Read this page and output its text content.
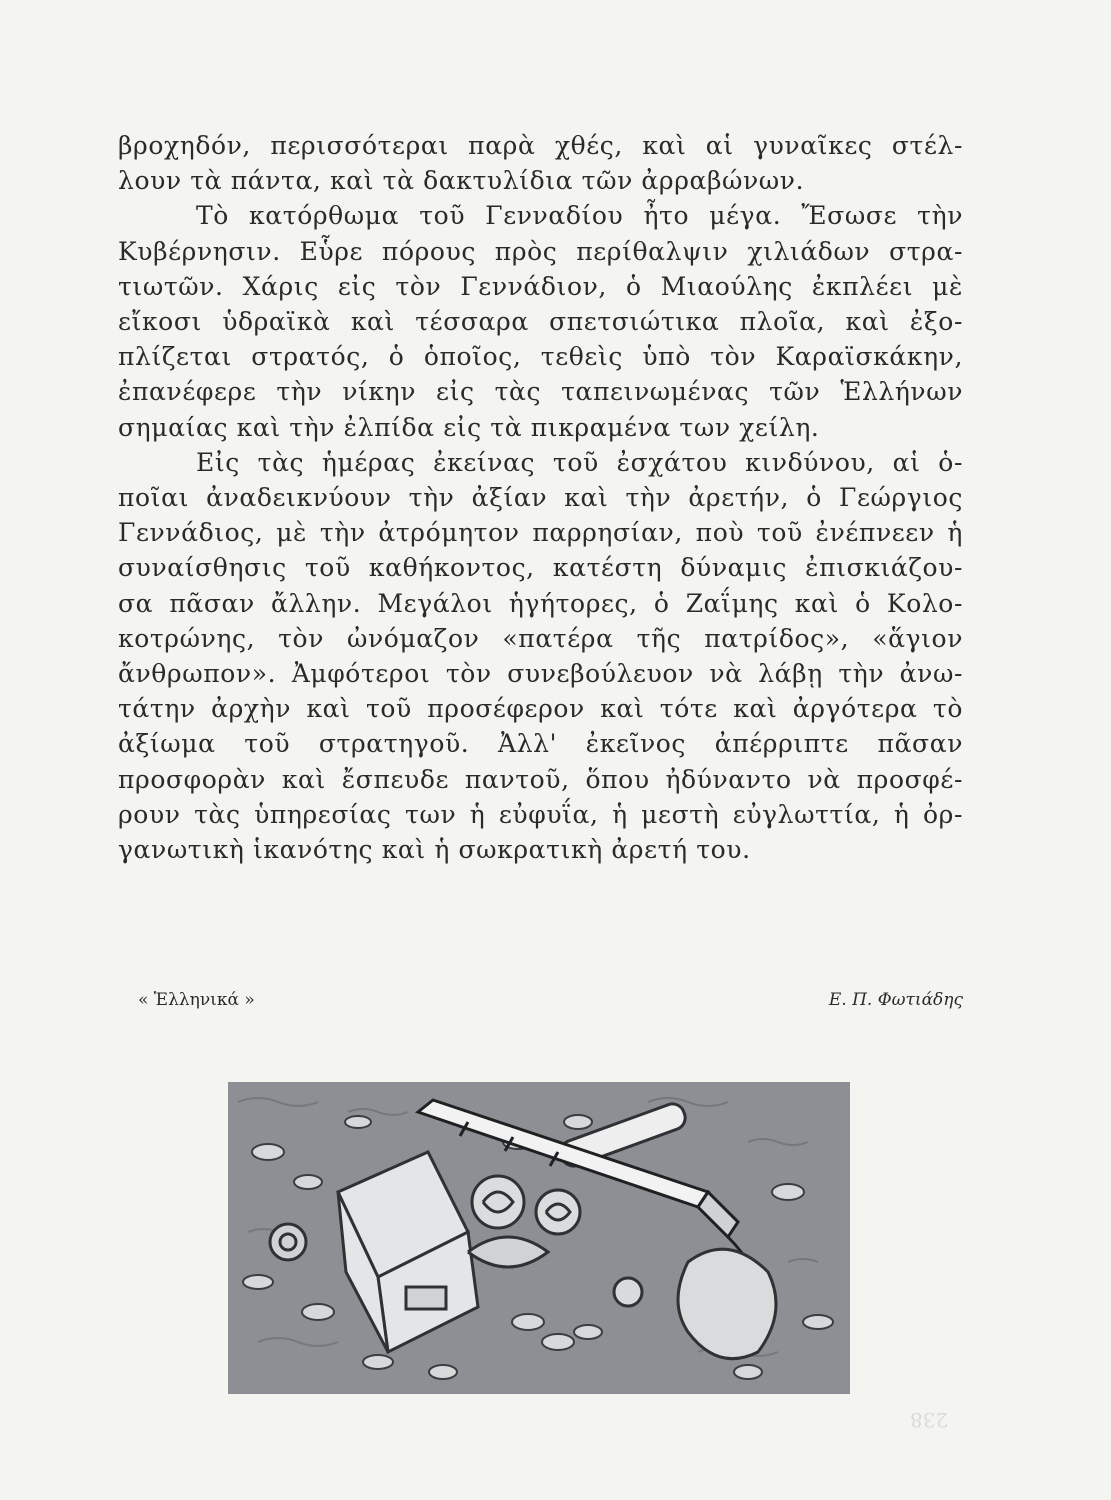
βροχηδόν, περισσότεραι παρὰ χθές, καὶ αἱ γυναῖκες στέλ-
λουν τὰ πάντα, καὶ τὰ δακτυλίδια τῶν ἀρραβώνων.
Τὸ κατόρθωμα τοῦ Γενναδίου ἦτο μέγα. Ἔσωσε τὴν
Κυβέρνησιν. Εὗρε πόρους πρὸς περίθαλψιν χιλιάδων στρα-
τιωτῶν. Χάρις εἰς τὸν Γεννάδιον, ὁ Μιαούλης ἐκπλέει μὲ
εἴκοσι ὑδραϊκὰ καὶ τέσσαρα σπετσιώτικα πλοῖα, καὶ ἐξο-
πλίζεται στρατός, ὁ ὁποῖος, τεθεὶς ὑπὸ τὸν Καραϊσκάκην,
ἐπανέφερε τὴν νίκην εἰς τὰς ταπεινωμένας τῶν Ἑλλήνων
σημαίας καὶ τὴν ἐλπίδα εἰς τὰ πικραμένα των χείλη.
Εἰς τὰς ἡμέρας ἐκείνας τοῦ ἐσχάτου κινδύνου, αἱ ὁ-
ποῖαι ἀναδεικνύουν τὴν ἀξίαν καὶ τὴν ἀρετήν, ὁ Γεώργιος
Γεννάδιος, μὲ τὴν ἀτρόμητον παρρησίαν, ποὺ τοῦ ἐνέπνεεν ἡ
συναίσθησις τοῦ καθήκοντος, κατέστη δύναμις ἐπισκιάζου-
σα πᾶσαν ἄλλην. Μεγάλοι ἡγήτορες, ὁ Ζαΐμης καὶ ὁ Κολο-
κοτρώνης, τὸν ὠνόμαζον «πατέρα τῆς πατρίδος», «ἅγιον
ἄνθρωπον». Ἀμφότεροι τὸν συνεβούλευον νὰ λάβῃ τὴν ἀνω-
τάτην ἀρχὴν καὶ τοῦ προσέφερον καὶ τότε καὶ ἀργότερα τὸ
ἀξίωμα τοῦ στρατηγοῦ. Ἀλλ' ἐκεῖνος ἀπέρριπτε πᾶσαν
προσφορὰν καὶ ἔσπευδε παντοῦ, ὅπου ἠδύναντο νὰ προσφέ-
ρουν τὰς ὑπηρεσίας των ἡ εὐφυΐα, ἡ μεστὴ εὐγλωττία, ἡ ὀρ-
γανωτικὴ ἱκανότης καὶ ἡ σωκρατικὴ ἀρετή του.
« Ἑλληνικά »	Ε. Π. Φωτιάδης
238
